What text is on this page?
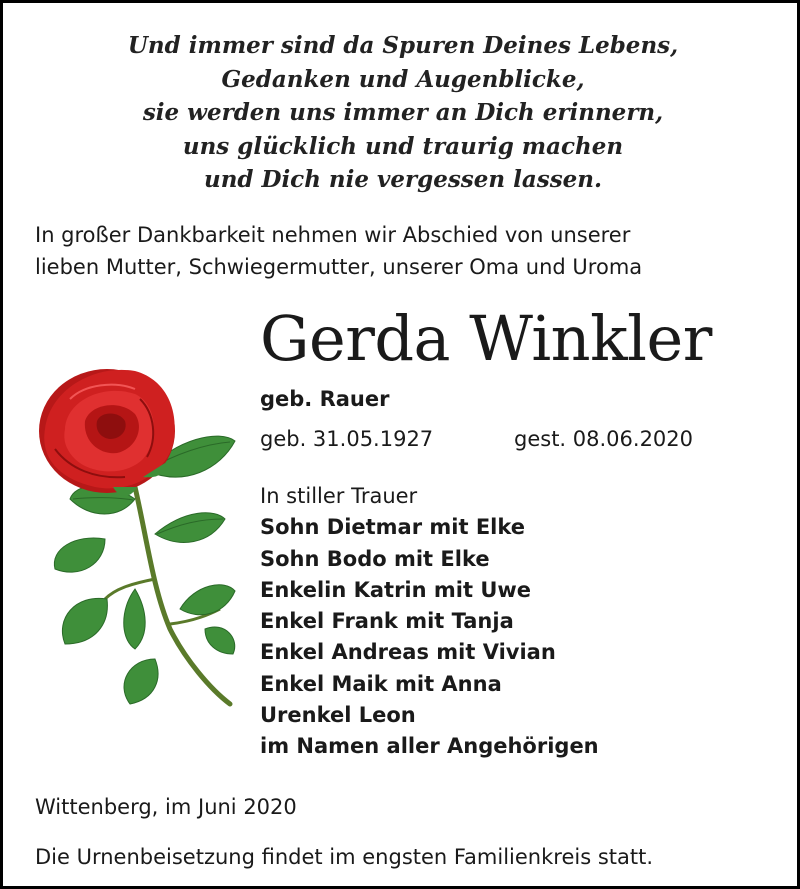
Und immer sind da Spuren Deines Lebens,
Gedanken und Augenblicke,
sie werden uns immer an Dich erinnern,
uns glücklich und traurig machen
und Dich nie vergessen lassen.
In großer Dankbarkeit nehmen wir Abschied von unserer
lieben Mutter, Schwiegermutter, unserer Oma und Uroma
Gerda Winkler
geb. Rauer
geb. 31.05.1927	gest. 08.06.2020
In stiller Trauer
Sohn Dietmar mit Elke
Sohn Bodo mit Elke
Enkelin Katrin mit Uwe
Enkel Frank mit Tanja
Enkel Andreas mit Vivian
Enkel Maik mit Anna
Urenkel Leon
im Namen aller Angehörigen
Wittenberg, im Juni 2020
Die Urnenbeisetzung findet im engsten Familienkreis statt.
